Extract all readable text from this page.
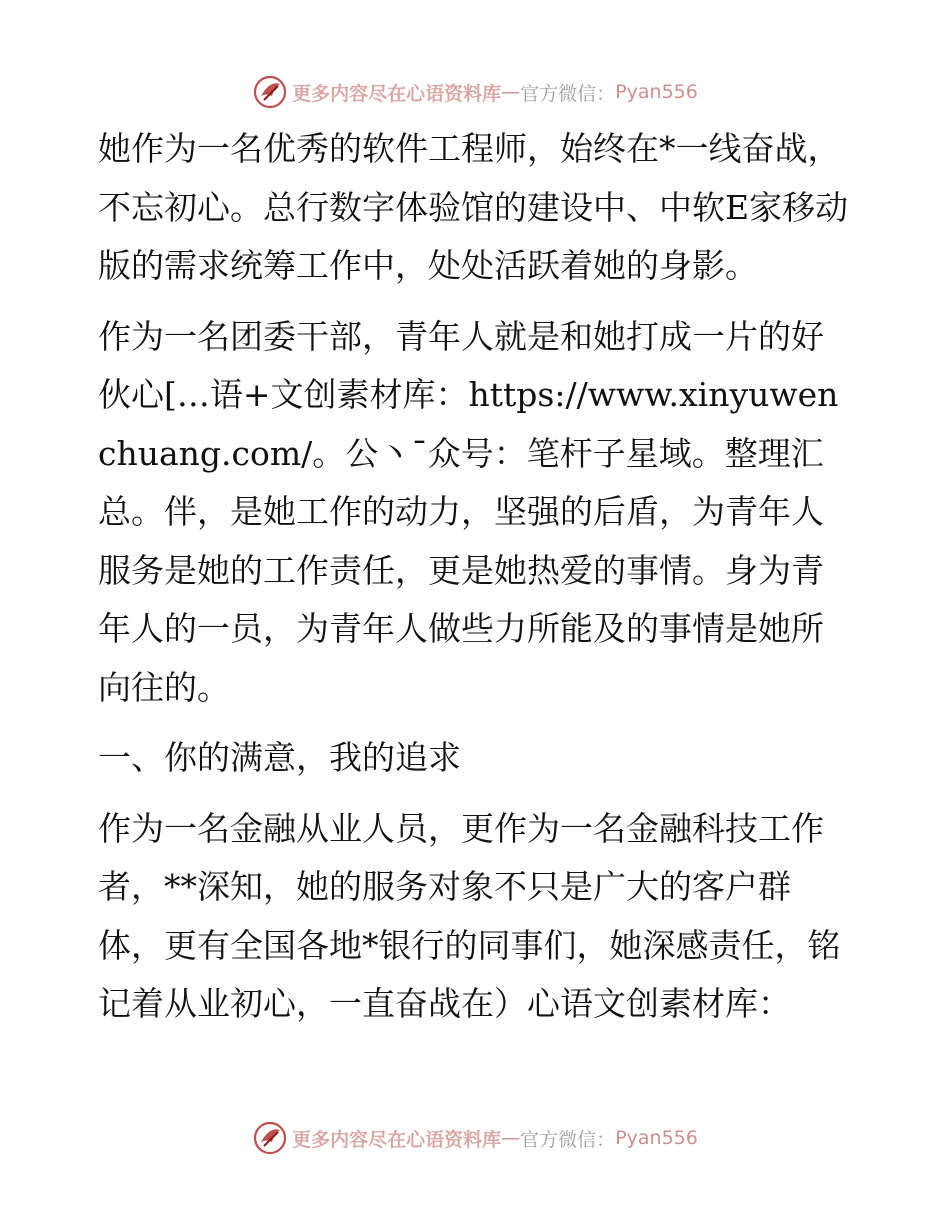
更多内容尽在心语资料库 — 官方微信： Pyan556

她作为一名优秀的软件工程师，始终在*一线奋战，不忘初心。总行数字体验馆的建设中、中软E家移动版的需求统筹工作中，处处活跃着她的身影。

作为一名团委干部，青年人就是和她打成一片的好伙心[…语+文创素材库：https://www.xinyuwenchuang.com/。公丶¯众号：笔杆子星域。整理汇总。伴，是她工作的动力，坚强的后盾，为青年人服务是她的工作责任，更是她热爱的事情。身为青年人的一员，为青年人做些力所能及的事情是她所向往的。

一、你的满意，我的追求

作为一名金融从业人员，更作为一名金融科技工作者，**深知，她的服务对象不只是广大的客户群体，更有全国各地*银行的同事们，她深感责任，铭记着从业初心，一直奋战在）心语文创素材库：

更多内容尽在心语资料库 — 官方微信： Pyan556
